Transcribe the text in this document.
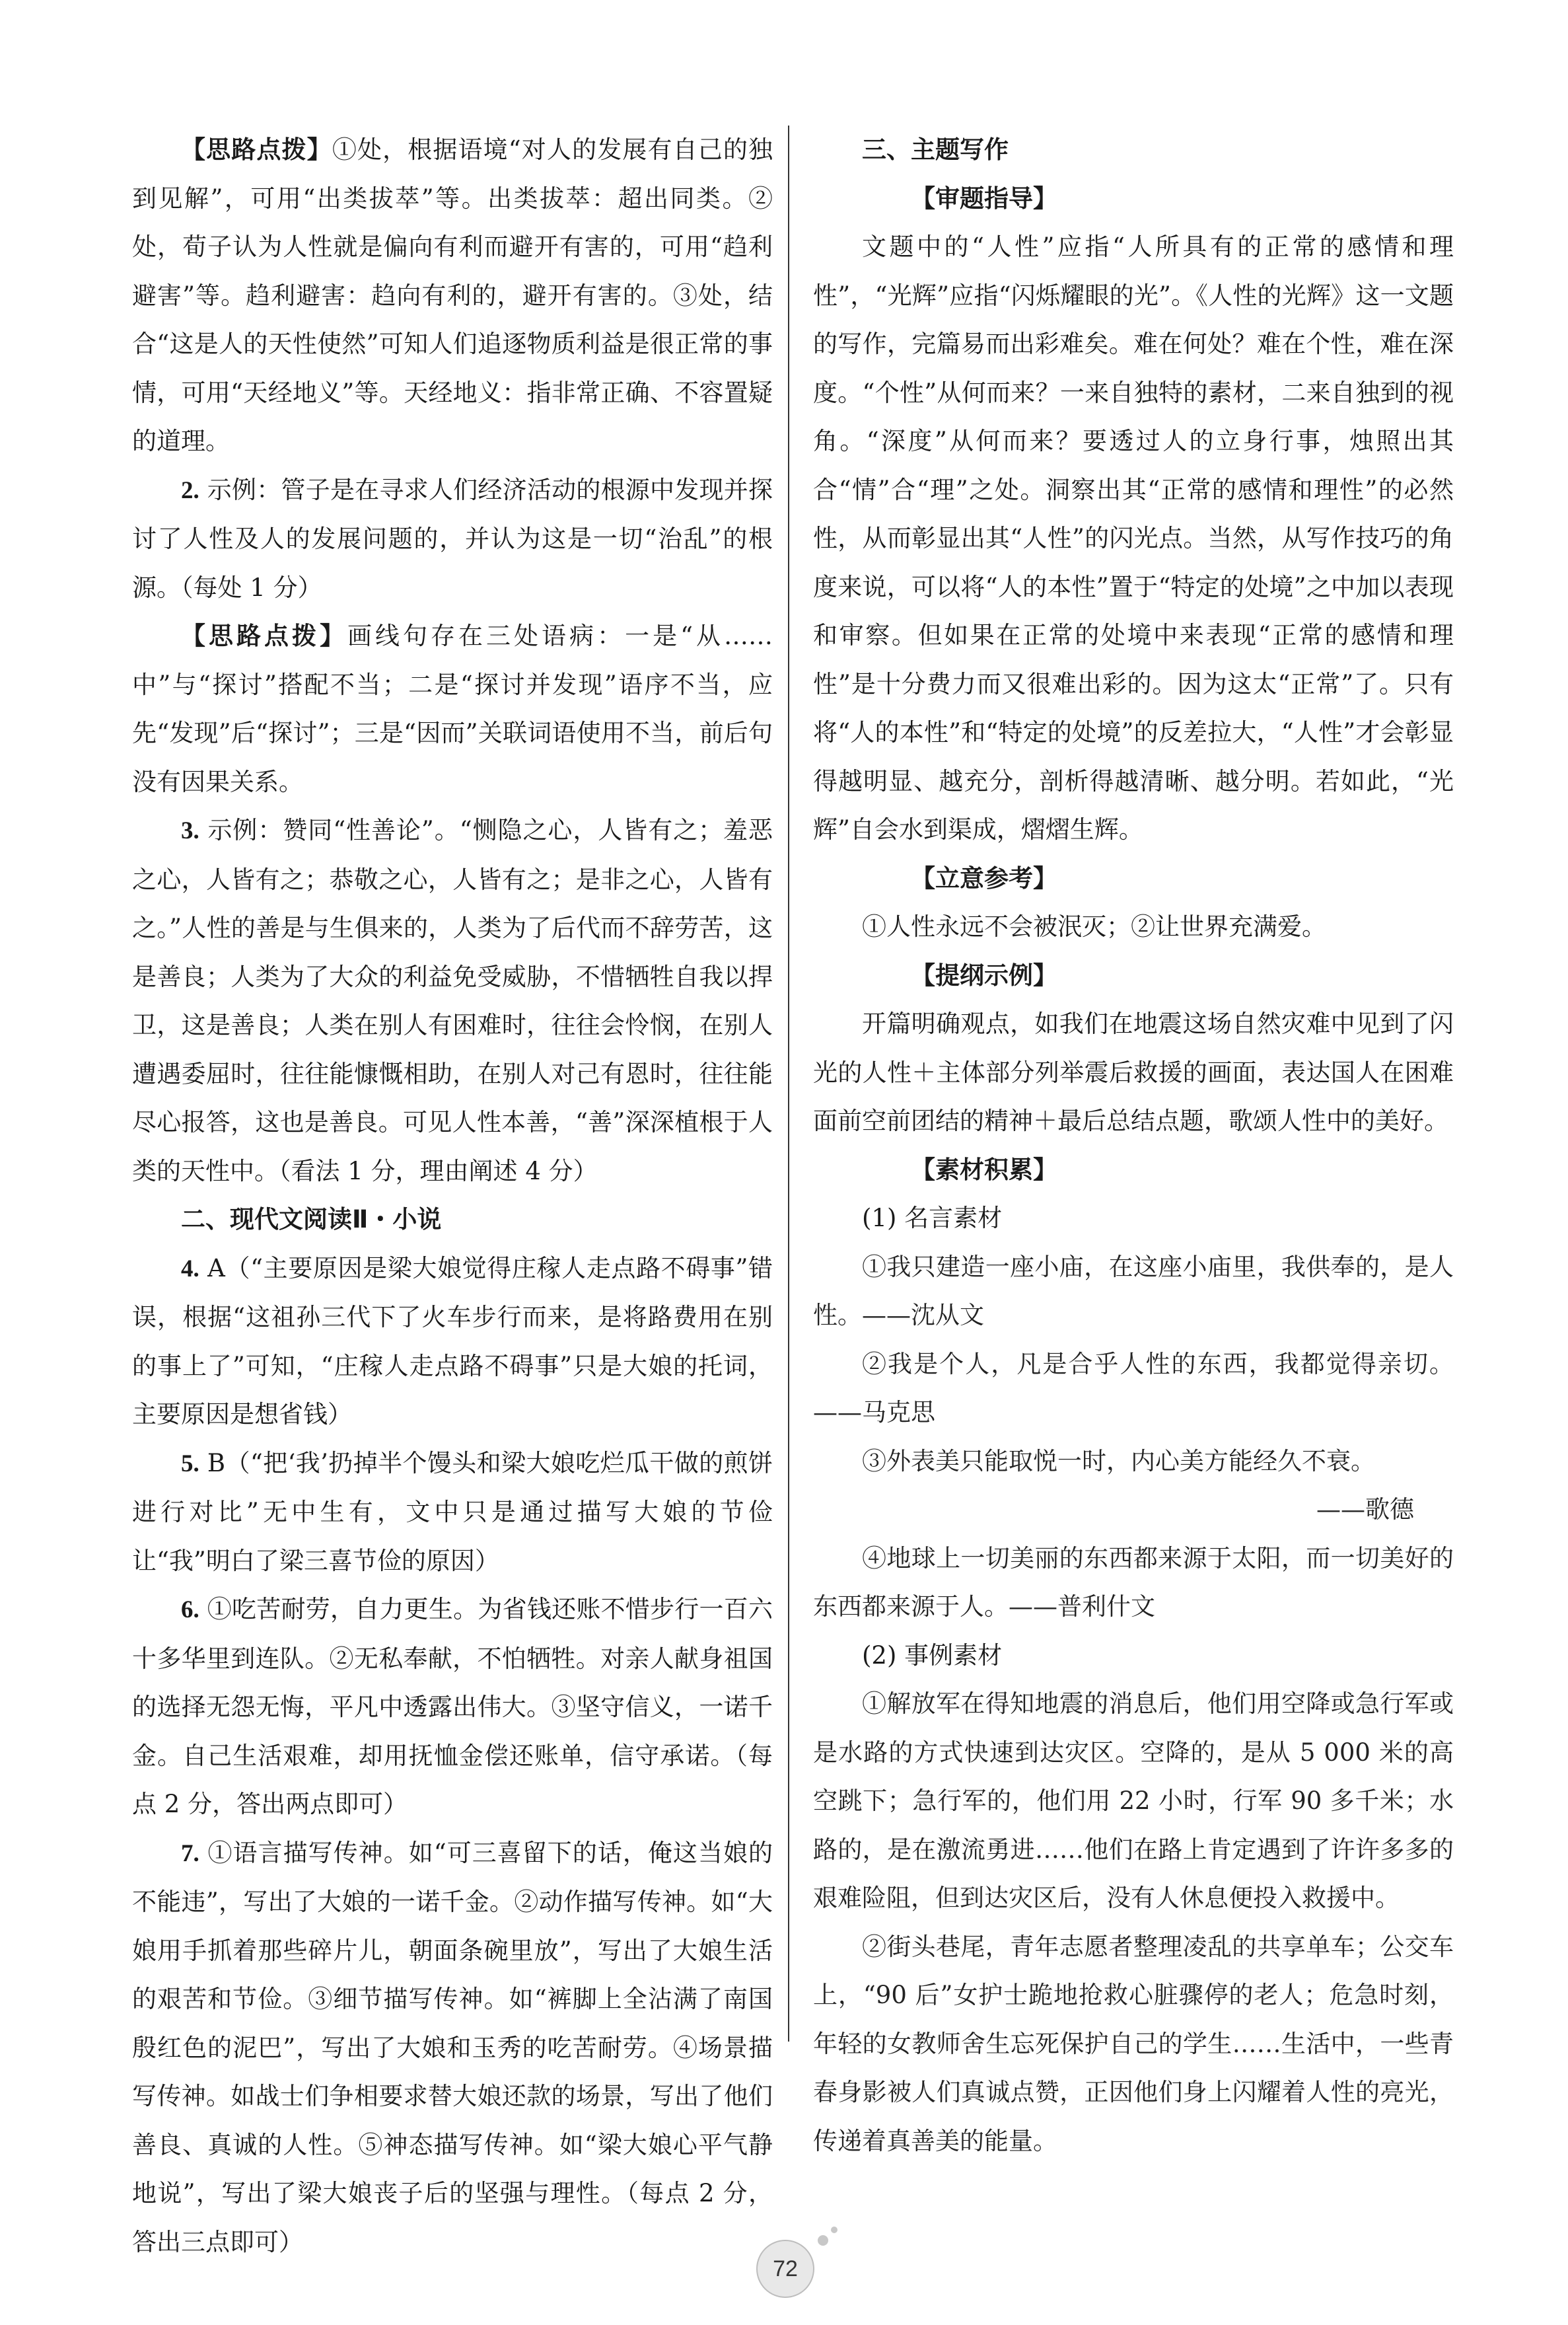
【思路点拨】①处，根据语境“对人的发展有自己的独到见解”，可用“出类拔萃”等。出类拔萃：超出同类。②处，荀子认为人性就是偏向有利而避开有害的，可用“趋利避害”等。趋利避害：趋向有利的，避开有害的。③处，结合“这是人的天性使然”可知人们追逐物质利益是很正常的事情，可用“天经地义”等。天经地义：指非常正确、不容置疑的道理。

2. 示例：管子是在寻求人们经济活动的根源中发现并探讨了人性及人的发展问题的，并认为这是一切“治乱”的根源。（每处 1 分）

【思路点拨】画线句存在三处语病：一是“从……中”与“探讨”搭配不当；二是“探讨并发现”语序不当，应先“发现”后“探讨”；三是“因而”关联词语使用不当，前后句没有因果关系。

3. 示例：赞同“性善论”。“恻隐之心，人皆有之；羞恶之心，人皆有之；恭敬之心，人皆有之；是非之心，人皆有之。”人性的善是与生俱来的，人类为了后代而不辞劳苦，这是善良；人类为了大众的利益免受威胁，不惜牺牲自我以捍卫，这是善良；人类在别人有困难时，往往会怜悯，在别人遭遇委屈时，往往能慷慨相助，在别人对己有恩时，往往能尽心报答，这也是善良。可见人性本善，“善”深深植根于人类的天性中。（看法 1 分，理由阐述 4 分）

二、现代文阅读Ⅱ・小说

4. A（“主要原因是梁大娘觉得庄稼人走点路不碍事”错误，根据“这祖孙三代下了火车步行而来，是将路费用在别的事上了”可知，“庄稼人走点路不碍事”只是大娘的托词，主要原因是想省钱）

5. B（“把‘我’扔掉半个馒头和梁大娘吃烂瓜干做的煎饼进行对比”无中生有，文中只是通过描写大娘的节俭让“我”明白了梁三喜节俭的原因）

6. ①吃苦耐劳，自力更生。为省钱还账不惜步行一百六十多华里到连队。②无私奉献，不怕牺牲。对亲人献身祖国的选择无怨无悔，平凡中透露出伟大。③坚守信义，一诺千金。自己生活艰难，却用抚恤金偿还账单，信守承诺。（每点 2 分，答出两点即可）

7. ①语言描写传神。如“可三喜留下的话，俺这当娘的不能违”，写出了大娘的一诺千金。②动作描写传神。如“大娘用手抓着那些碎片儿，朝面条碗里放”，写出了大娘生活的艰苦和节俭。③细节描写传神。如“裤脚上全沾满了南国殷红色的泥巴”，写出了大娘和玉秀的吃苦耐劳。④场景描写传神。如战士们争相要求替大娘还款的场景，写出了他们善良、真诚的人性。⑤神态描写传神。如“梁大娘心平气静地说”，写出了梁大娘丧子后的坚强与理性。（每点 2 分，答出三点即可）

三、主题写作

【审题指导】

文题中的“人性”应指“人所具有的正常的感情和理性”，“光辉”应指“闪烁耀眼的光”。《人性的光辉》这一文题的写作，完篇易而出彩难矣。难在何处？难在个性，难在深度。“个性”从何而来？一来自独特的素材，二来自独到的视角。“深度”从何而来？要透过人的立身行事，烛照出其合“情”合“理”之处。洞察出其“正常的感情和理性”的必然性，从而彰显出其“人性”的闪光点。当然，从写作技巧的角度来说，可以将“人的本性”置于“特定的处境”之中加以表现和审察。但如果在正常的处境中来表现“正常的感情和理性”是十分费力而又很难出彩的。因为这太“正常”了。只有将“人的本性”和“特定的处境”的反差拉大，“人性”才会彰显得越明显、越充分，剖析得越清晰、越分明。若如此，“光辉”自会水到渠成，熠熠生辉。

【立意参考】

①人性永远不会被泯灭；②让世界充满爱。

【提纲示例】

开篇明确观点，如我们在地震这场自然灾难中见到了闪光的人性＋主体部分列举震后救援的画面，表达国人在困难面前空前团结的精神＋最后总结点题，歌颂人性中的美好。

【素材积累】

(1) 名言素材

①我只建造一座小庙，在这座小庙里，我供奉的，是人性。——沈从文

②我是个人，凡是合乎人性的东西，我都觉得亲切。——马克思

③外表美只能取悦一时，内心美方能经久不衰。

——歌德

④地球上一切美丽的东西都来源于太阳，而一切美好的东西都来源于人。——普利什文

(2) 事例素材

①解放军在得知地震的消息后，他们用空降或急行军或是水路的方式快速到达灾区。空降的，是从 5 000 米的高空跳下；急行军的，他们用 22 小时，行军 90 多千米；水路的，是在激流勇进……他们在路上肯定遇到了许许多多的艰难险阻，但到达灾区后，没有人休息便投入救援中。

②街头巷尾，青年志愿者整理凌乱的共享单车；公交车上，“90 后”女护士跪地抢救心脏骤停的老人；危急时刻，年轻的女教师舍生忘死保护自己的学生……生活中，一些青春身影被人们真诚点赞，正因他们身上闪耀着人性的亮光，传递着真善美的能量。

72
